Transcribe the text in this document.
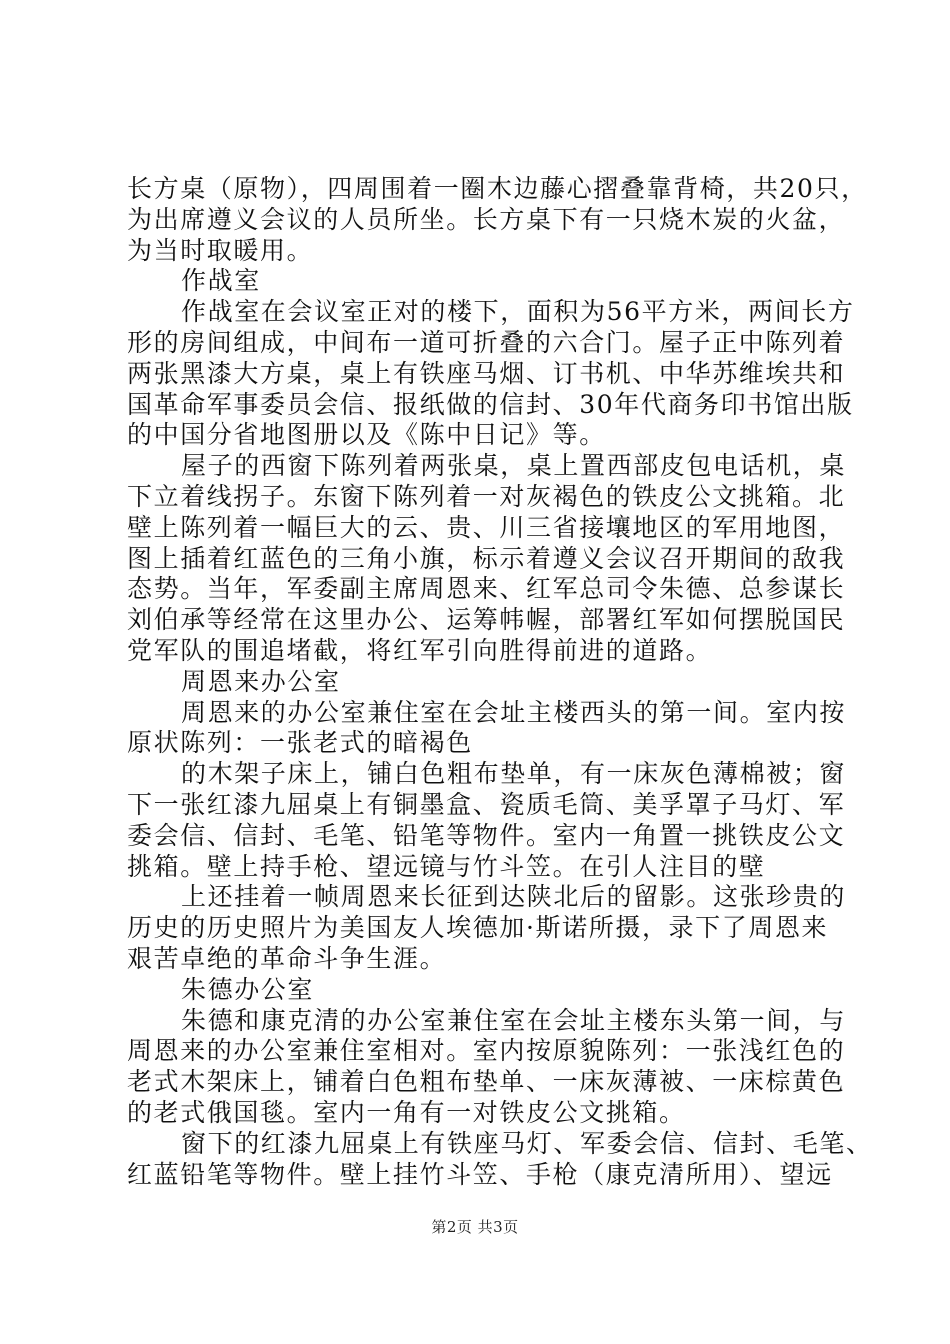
长方桌（原物），四周围着一圈木边藤心摺叠靠背椅，共20只，
为出席遵义会议的人员所坐。长方桌下有一只烧木炭的火盆，
为当时取暖用。
作战室
作战室在会议室正对的楼下，面积为56平方米，两间长方
形的房间组成，中间布一道可折叠的六合门。屋子正中陈列着
两张黑漆大方桌，桌上有铁座马烟、订书机、中华苏维埃共和
国革命军事委员会信、报纸做的信封、30年代商务印书馆出版
的中国分省地图册以及《陈中日记》等。
屋子的西窗下陈列着两张桌，桌上置西部皮包电话机，桌
下立着线拐子。东窗下陈列着一对灰褐色的铁皮公文挑箱。北
壁上陈列着一幅巨大的云、贵、川三省接壤地区的军用地图，
图上插着红蓝色的三角小旗，标示着遵义会议召开期间的敌我
态势。当年，军委副主席周恩来、红军总司令朱德、总参谋长
刘伯承等经常在这里办公、运筹帏幄，部署红军如何摆脱国民
党军队的围追堵截，将红军引向胜得前进的道路。
周恩来办公室
周恩来的办公室兼住室在会址主楼西头的第一间。室内按
原状陈列：一张老式的暗褐色
的木架子床上，铺白色粗布垫单，有一床灰色薄棉被；窗
下一张红漆九屈桌上有铜墨盒、瓷质毛筒、美孚罩子马灯、军
委会信、信封、毛笔、铅笔等物件。室内一角置一挑铁皮公文
挑箱。壁上持手枪、望远镜与竹斗笠。在引人注目的壁
上还挂着一帧周恩来长征到达陕北后的留影。这张珍贵的
历史的历史照片为美国友人埃德加·斯诺所摄，录下了周恩来
艰苦卓绝的革命斗争生涯。
朱德办公室
朱德和康克清的办公室兼住室在会址主楼东头第一间，与
周恩来的办公室兼住室相对。室内按原貌陈列：一张浅红色的
老式木架床上，铺着白色粗布垫单、一床灰薄被、一床棕黄色
的老式俄国毯。室内一角有一对铁皮公文挑箱。
窗下的红漆九屈桌上有铁座马灯、军委会信、信封、毛笔、
红蓝铅笔等物件。壁上挂竹斗笠、手枪（康克清所用）、望远
第2页 共3页
